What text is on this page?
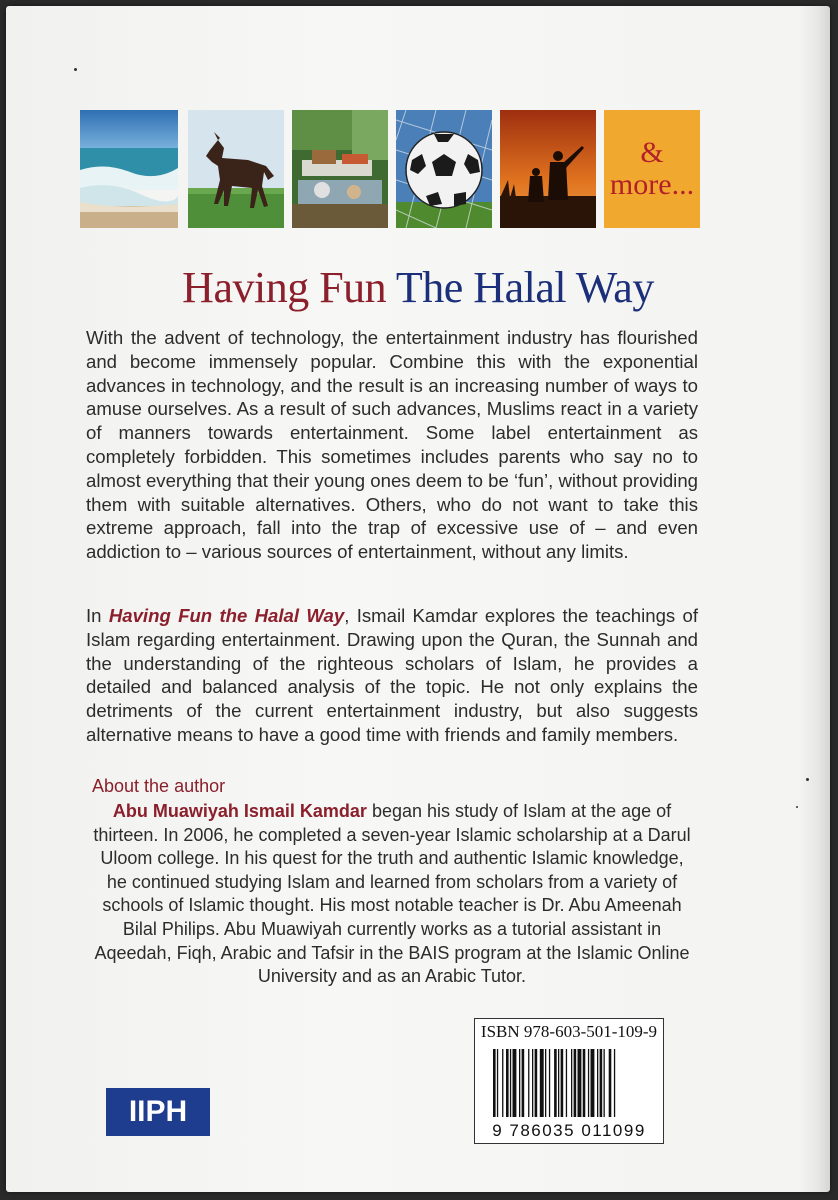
&
more...
Having Fun The Halal Way
With the advent of technology, the entertainment industry has flourished and become immensely popular. Combine this with the exponential advances in technology, and the result is an increasing number of ways to amuse ourselves. As a result of such advances, Muslims react in a variety of manners towards entertainment. Some label entertainment as completely forbidden. This sometimes includes parents who say no to almost everything that their young ones deem to be ‘fun’, without providing them with suitable alternatives. Others, who do not want to take this extreme approach, fall into the trap of excessive use of – and even addiction to – various sources of entertainment, without any limits.
In Having Fun the Halal Way, Ismail Kamdar explores the teachings of Islam regarding entertainment. Drawing upon the Quran, the Sunnah and the understanding of the righteous scholars of Islam, he provides a detailed and balanced analysis of the topic. He not only explains the detriments of the current entertainment industry, but also suggests alternative means to have a good time with friends and family members.
About the author
Abu Muawiyah Ismail Kamdar began his study of Islam at the age of thirteen. In 2006, he completed a seven-year Islamic scholarship at a Darul Uloom college. In his quest for the truth and authentic Islamic knowledge, he continued studying Islam and learned from scholars from a variety of schools of Islamic thought. His most notable teacher is Dr. Abu Ameenah Bilal Philips. Abu Muawiyah currently works as a tutorial assistant in Aqeedah, Fiqh, Arabic and Tafsir in the BAIS program at the Islamic Online University and as an Arabic Tutor.
IIPH
ISBN 978-603-501-109-9
9 786035 011099
